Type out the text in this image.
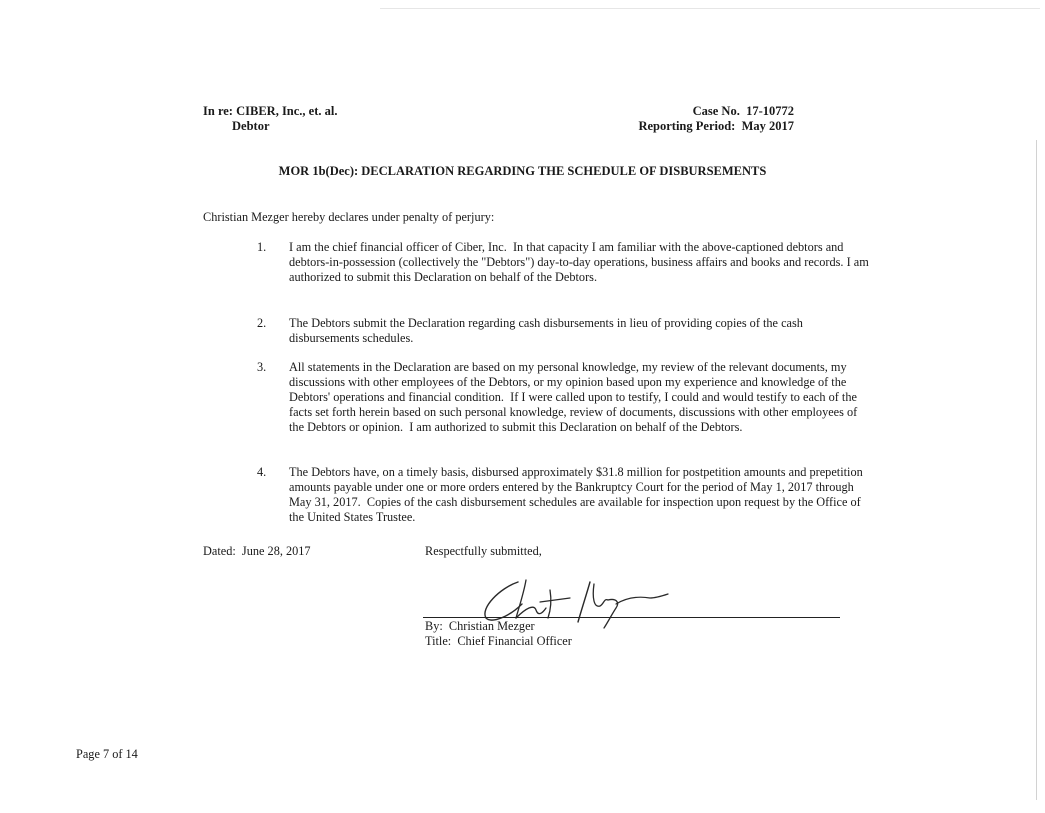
In re: CIBER, Inc., et. al.
Debtor
Case No.  17-10772
Reporting Period:  May 2017
MOR 1b(Dec): DECLARATION REGARDING THE SCHEDULE OF DISBURSEMENTS
Christian Mezger hereby declares under penalty of perjury:
1. I am the chief financial officer of Ciber, Inc.  In that capacity I am familiar with the above-captioned debtors and
debtors-in-possession (collectively the "Debtors") day-to-day operations, business affairs and books and records. I am
authorized to submit this Declaration on behalf of the Debtors.
2. The Debtors submit the Declaration regarding cash disbursements in lieu of providing copies of the cash
disbursements schedules.
3. All statements in the Declaration are based on my personal knowledge, my review of the relevant documents, my
discussions with other employees of the Debtors, or my opinion based upon my experience and knowledge of the
Debtors' operations and financial condition.  If I were called upon to testify, I could and would testify to each of the
facts set forth herein based on such personal knowledge, review of documents, discussions with other employees of
the Debtors or opinion.  I am authorized to submit this Declaration on behalf of the Debtors.
4. The Debtors have, on a timely basis, disbursed approximately $31.8 million for postpetition amounts and prepetition
amounts payable under one or more orders entered by the Bankruptcy Court for the period of May 1, 2017 through
May 31, 2017.  Copies of the cash disbursement schedules are available for inspection upon request by the Office of
the United States Trustee.
Dated:  June 28, 2017	Respectfully submitted,
By:  Christian Mezger
Title:  Chief Financial Officer
Page 7 of 14
